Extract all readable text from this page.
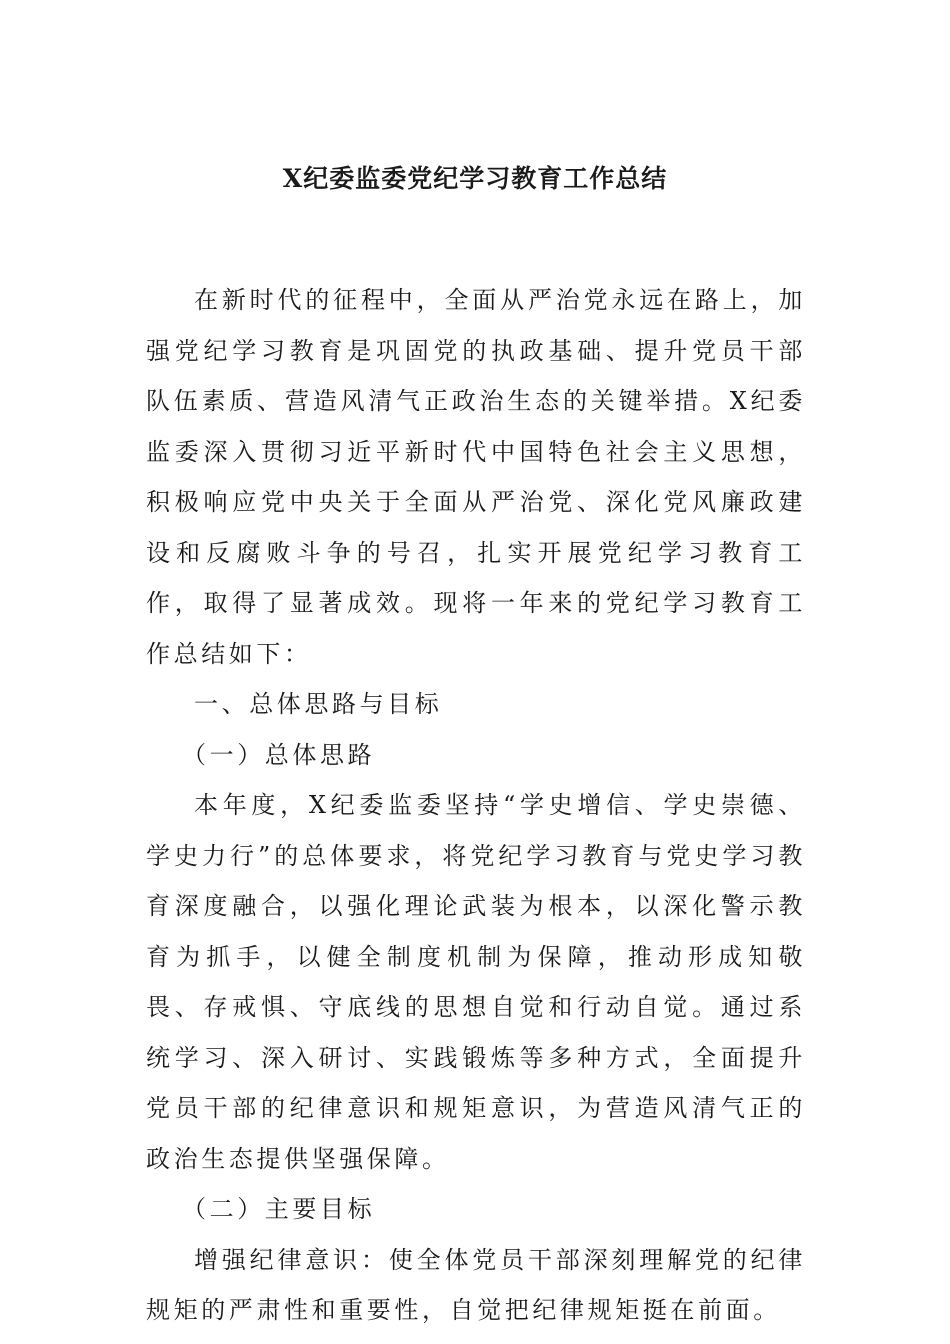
X纪委监委党纪学习教育工作总结

在新时代的征程中，全面从严治党永远在路上，加强党纪学习教育是巩固党的执政基础、提升党员干部队伍素质、营造风清气正政治生态的关键举措。X纪委监委深入贯彻习近平新时代中国特色社会主义思想，积极响应党中央关于全面从严治党、深化党风廉政建设和反腐败斗争的号召，扎实开展党纪学习教育工作，取得了显著成效。现将一年来的党纪学习教育工作总结如下：

一、总体思路与目标

（一）总体思路

本年度，X纪委监委坚持“学史增信、学史崇德、学史力行”的总体要求，将党纪学习教育与党史学习教育深度融合，以强化理论武装为根本，以深化警示教育为抓手，以健全制度机制为保障，推动形成知敬畏、存戒惧、守底线的思想自觉和行动自觉。通过系统学习、深入研讨、实践锻炼等多种方式，全面提升党员干部的纪律意识和规矩意识，为营造风清气正的政治生态提供坚强保障。

（二）主要目标

增强纪律意识：使全体党员干部深刻理解党的纪律规矩的严肃性和重要性，自觉把纪律规矩挺在前面。
